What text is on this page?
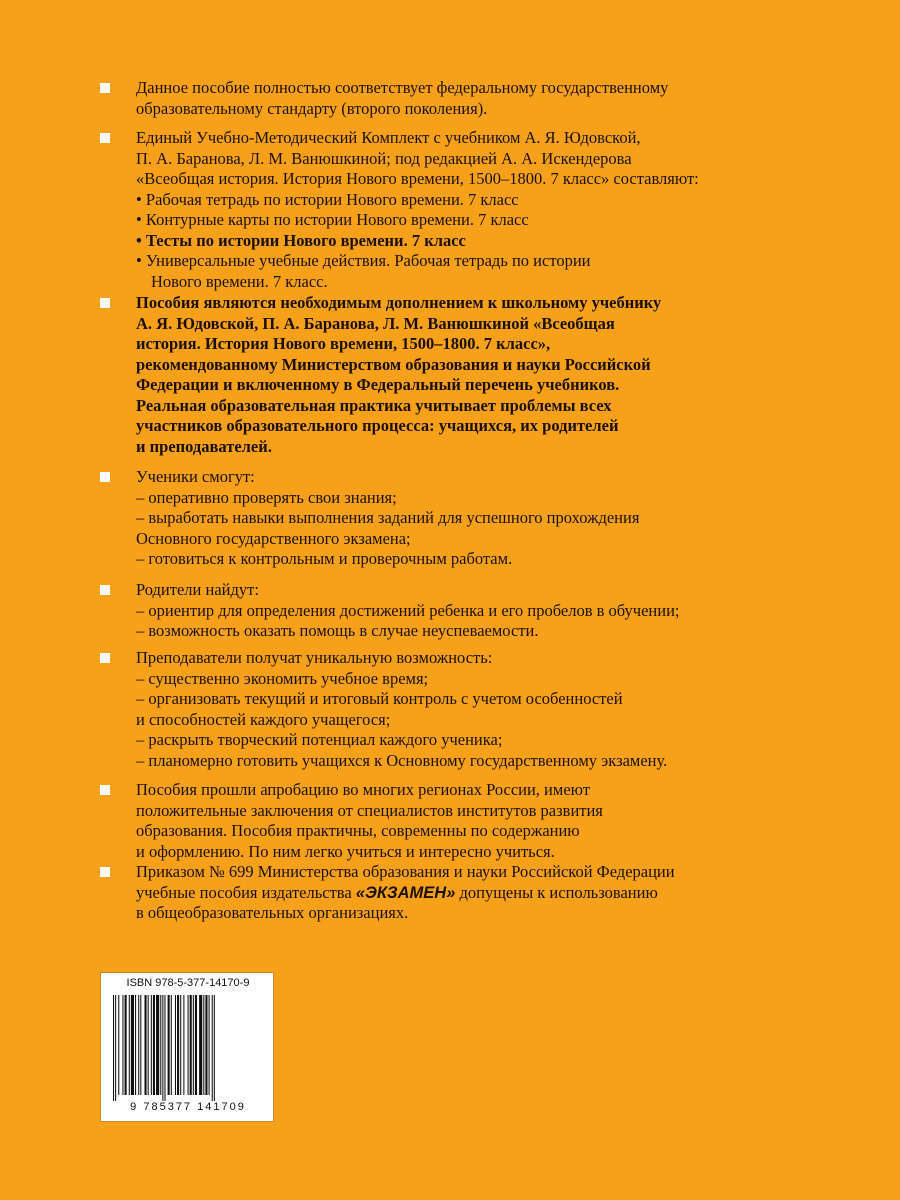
Данное пособие полностью соответствует федеральному государственному
образовательному стандарту (второго поколения).
Единый Учебно-Методический Комплект с учебником А. Я. Юдовской,
П. А. Баранова, Л. М. Ванюшкиной; под редакцией А. А. Искендерова
«Всеобщая история. История Нового времени, 1500–1800. 7 класс» составляют:
• Рабочая тетрадь по истории Нового времени. 7 класс
• Контурные карты по истории Нового времени. 7 класс
• Тесты по истории Нового времени. 7 класс
• Универсальные учебные действия. Рабочая тетрадь по истории
Нового времени. 7 класс.
Пособия являются необходимым дополнением к школьному учебнику
А. Я. Юдовской, П. А. Баранова, Л. М. Ванюшкиной «Всеобщая
история. История Нового времени, 1500–1800. 7 класс»,
рекомендованному Министерством образования и науки Российской
Федерации и включенному в Федеральный перечень учебников.
Реальная образовательная практика учитывает проблемы всех
участников образовательного процесса: учащихся, их родителей
и преподавателей.
Ученики смогут:
– оперативно проверять свои знания;
– выработать навыки выполнения заданий для успешного прохождения
Основного государственного экзамена;
– готовиться к контрольным и проверочным работам.
Родители найдут:
– ориентир для определения достижений ребенка и его пробелов в обучении;
– возможность оказать помощь в случае неуспеваемости.
Преподаватели получат уникальную возможность:
– существенно экономить учебное время;
– организовать текущий и итоговый контроль с учетом особенностей
и способностей каждого учащегося;
– раскрыть творческий потенциал каждого ученика;
– планомерно готовить учащихся к Основному государственному экзамену.
Пособия прошли апробацию во многих регионах России, имеют
положительные заключения от специалистов институтов развития
образования. Пособия практичны, современны по содержанию
и оформлению. По ним легко учиться и интересно учиться.
Приказом № 699 Министерства образования и науки Российской Федерации
учебные пособия издательства «ЭКЗАМЕН» допущены к использованию
в общеобразовательных организациях.
ISBN 978-5-377-14170-9
9 785377 141709
